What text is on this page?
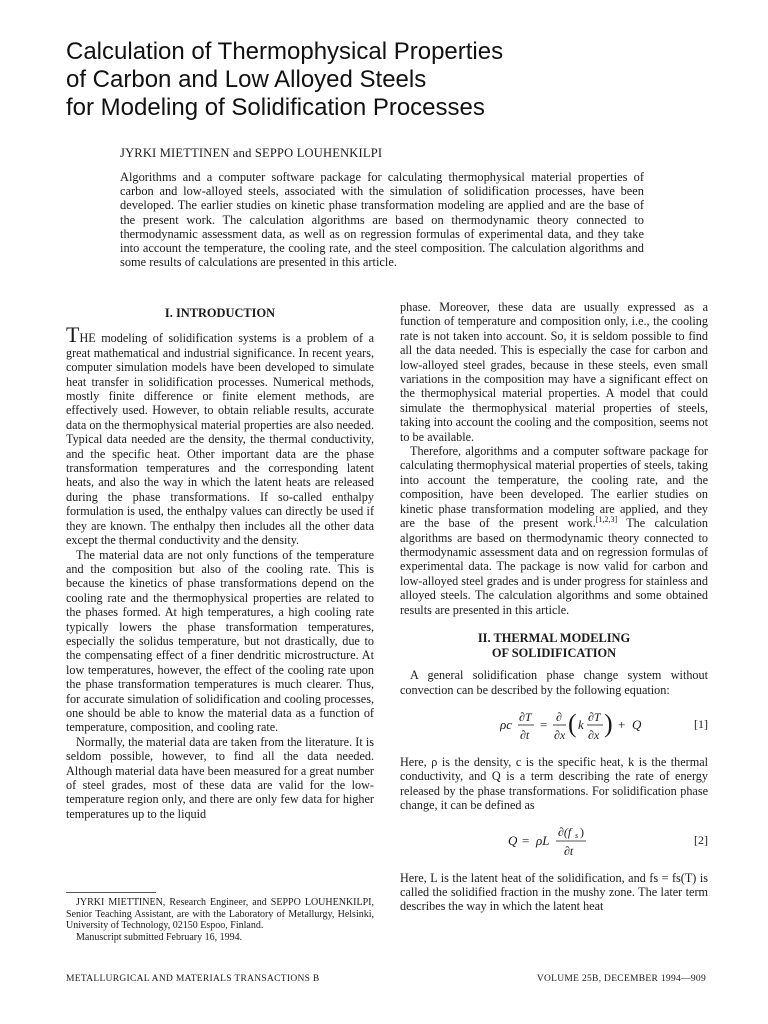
Calculation of Thermophysical Properties
of Carbon and Low Alloyed Steels
for Modeling of Solidification Processes
JYRKI MIETTINEN and SEPPO LOUHENKILPI
Algorithms and a computer software package for calculating thermophysical material properties of carbon and low-alloyed steels, associated with the simulation of solidification processes, have been developed. The earlier studies on kinetic phase transformation modeling are applied and are the base of the present work. The calculation algorithms are based on thermodynamic theory connected to thermodynamic assessment data, as well as on regression formulas of experimental data, and they take into account the temperature, the cooling rate, and the steel composition. The calculation algorithms and some results of calculations are presented in this article.
I. INTRODUCTION

THE modeling of solidification systems is a problem of a great mathematical and industrial significance. In recent years, computer simulation models have been developed to simulate heat transfer in solidification processes. Numerical methods, mostly finite difference or finite element methods, are effectively used. However, to obtain reliable results, accurate data on the thermophysical material properties are also needed. Typical data needed are the density, the thermal conductivity, and the specific heat. Other important data are the phase transformation temperatures and the corresponding latent heats, and also the way in which the latent heats are released during the phase transformations. If so-called enthalpy formulation is used, the enthalpy values can directly be used if they are known. The enthalpy then includes all the other data except the thermal conductivity and the density.

The material data are not only functions of the temperature and the composition but also of the cooling rate. This is because the kinetics of phase transformations depend on the cooling rate and the thermophysical properties are related to the phases formed. At high temperatures, a high cooling rate typically lowers the phase transformation temperatures, especially the solidus temperature, but not drastically, due to the compensating effect of a finer dendritic microstructure. At low temperatures, however, the effect of the cooling rate upon the phase transformation temperatures is much clearer. Thus, for accurate simulation of solidification and cooling processes, one should be able to know the material data as a function of temperature, composition, and cooling rate.

Normally, the material data are taken from the literature. It is seldom possible, however, to find all the data needed. Although material data have been measured for a great number of steel grades, most of these data are valid for the low-temperature region only, and there are only few data for higher temperatures up to the liquid

phase. Moreover, these data are usually expressed as a function of temperature and composition only, i.e., the cooling rate is not taken into account. So, it is seldom possible to find all the data needed. This is especially the case for carbon and low-alloyed steel grades, because in these steels, even small variations in the composition may have a significant effect on the thermophysical material properties. A model that could simulate the thermophysical material properties of steels, taking into account the cooling and the composition, seems not to be available.

Therefore, algorithms and a computer software package for calculating thermophysical material properties of steels, taking into account the temperature, the cooling rate, and the composition, have been developed. The earlier studies on kinetic phase transformation modeling are applied, and they are the base of the present work.[1,2,3] The calculation algorithms are based on thermodynamic theory connected to thermodynamic assessment data and on regression formulas of experimental data. The package is now valid for carbon and low-alloyed steel grades and is under progress for stainless and alloyed steels. The calculation algorithms and some obtained results are presented in this article.

II. THERMAL MODELING
OF SOLIDIFICATION

A general solidification phase change system without convection can be described by the following equation:

ρc ∂T
∂t
= ∂
∂x ( k ∂T
∂x ) + Q	[1]

Here, ρ is the density, c is the specific heat, k is the thermal conductivity, and Q is a term describing the rate of energy released by the phase transformations. For solidification phase change, it can be defined as

Q = ρL
∂(f s )
∂t
[2]

Here, L is the latent heat of the solidification, and fs = fs(T) is called the solidified fraction in the mushy zone. The later term describes the way in which the latent heat

JYRKI MIETTINEN, Research Engineer, and SEPPO LOUHENKILPI, Senior Teaching Assistant, are with the Laboratory of Metallurgy, Helsinki, University of Technology, 02150 Espoo, Finland.

Manuscript submitted February 16, 1994.

METALLURGICAL AND MATERIALS TRANSACTIONS B	VOLUME 25B, DECEMBER 1994—909
